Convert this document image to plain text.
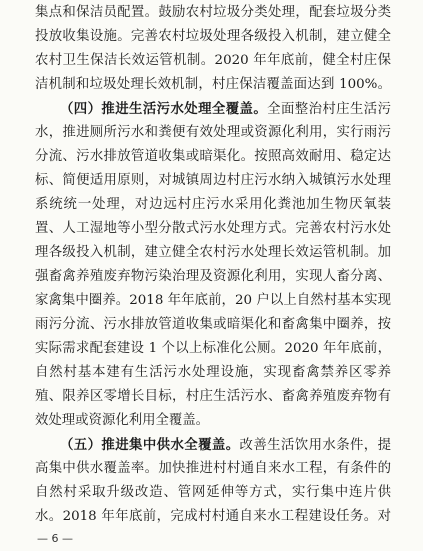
集点和保洁员配置。鼓励农村垃圾分类处理，配套垃圾分类
投放收集设施。完善农村垃圾处理各级投入机制，建立健全
农村卫生保洁长效运管机制。2020 年年底前，健全村庄保
洁机制和垃圾处理长效机制，村庄保洁覆盖面达到 100%。
（四）推进生活污水处理全覆盖。全面整治村庄生活污
水，推进厕所污水和粪便有效处理或资源化利用，实行雨污
分流、污水排放管道收集或暗渠化。按照高效耐用、稳定达
标、简便适用原则，对城镇周边村庄污水纳入城镇污水处理
系统统一处理，对边远村庄污水采用化粪池加生物厌氧装
置、人工湿地等小型分散式污水处理方式。完善农村污水处
理各级投入机制，建立健全农村污水处理长效运管机制。加
强畜禽养殖废弃物污染治理及资源化利用，实现人畜分离、
家禽集中圈养。2018 年年底前，20 户以上自然村基本实现
雨污分流、污水排放管道收集或暗渠化和畜禽集中圈养，按
实际需求配套建设 1 个以上标准化公厕。2020 年年底前，
自然村基本建有生活污水处理设施，实现畜禽禁养区零养
殖、限养区零增长目标，村庄生活污水、畜禽养殖废弃物有
效处理或资源化利用全覆盖。
（五）推进集中供水全覆盖。改善生活饮用水条件，提
高集中供水覆盖率。加快推进村村通自来水工程，有条件的
自然村采取升级改造、管网延伸等方式，实行集中连片供
水。2018 年年底前，完成村村通自来水工程建设任务。对
— 6 —
